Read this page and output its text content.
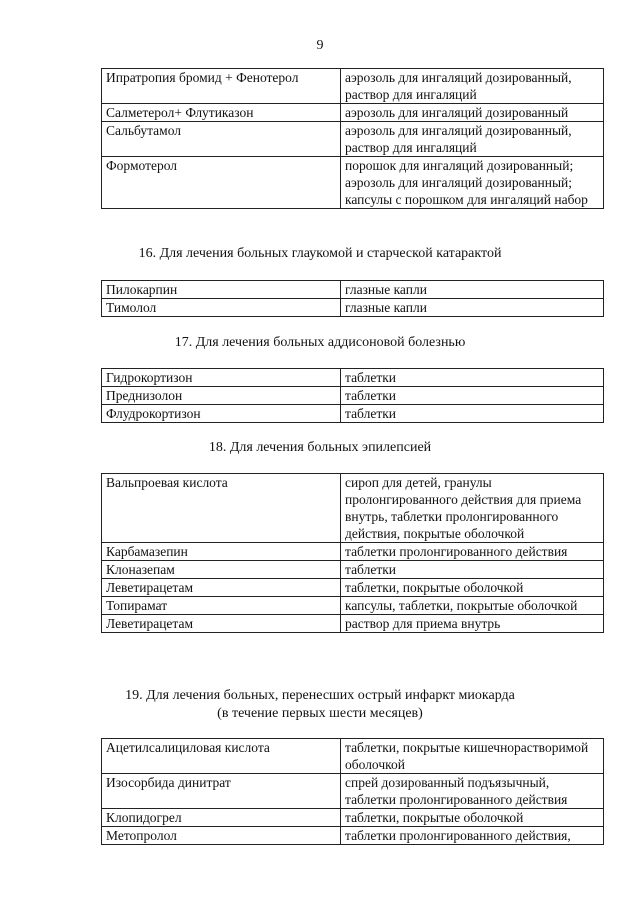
9
Ипратропия бромид + Фенотерол	аэрозоль для ингаляций дозированный, раствор для ингаляций
Салметерол+ Флутиказон	аэрозоль для ингаляций дозированный
Сальбутамол	аэрозоль для ингаляций дозированный, раствор для ингаляций
Формотерол	порошок для ингаляций дозированный; аэрозоль для ингаляций дозированный; капсулы с порошком для ингаляций набор
16. Для лечения больных глаукомой и старческой катарактой
Пилокарпин	глазные капли
Тимолол	глазные капли
17. Для лечения больных аддисоновой болезнью
Гидрокортизон	таблетки
Преднизолон	таблетки
Флудрокортизон	таблетки
18. Для лечения больных эпилепсией
Вальпроевая кислота	сироп для детей, гранулы пролонгированного действия для приема внутрь, таблетки пролонгированного действия, покрытые оболочкой
Карбамазепин	таблетки пролонгированного действия
Клоназепам	таблетки
Леветирацетам	таблетки, покрытые оболочкой
Топирамат	капсулы, таблетки, покрытые оболочкой
Леветирацетам	раствор для приема внутрь
19. Для лечения больных, перенесших острый инфаркт миокарда
(в течение первых шести месяцев)
Ацетилсалициловая кислота	таблетки, покрытые кишечнорастворимой оболочкой
Изосорбида динитрат	спрей дозированный подъязычный, таблетки пролонгированного действия
Клопидогрел	таблетки, покрытые оболочкой
Метопролол	таблетки пролонгированного действия,
